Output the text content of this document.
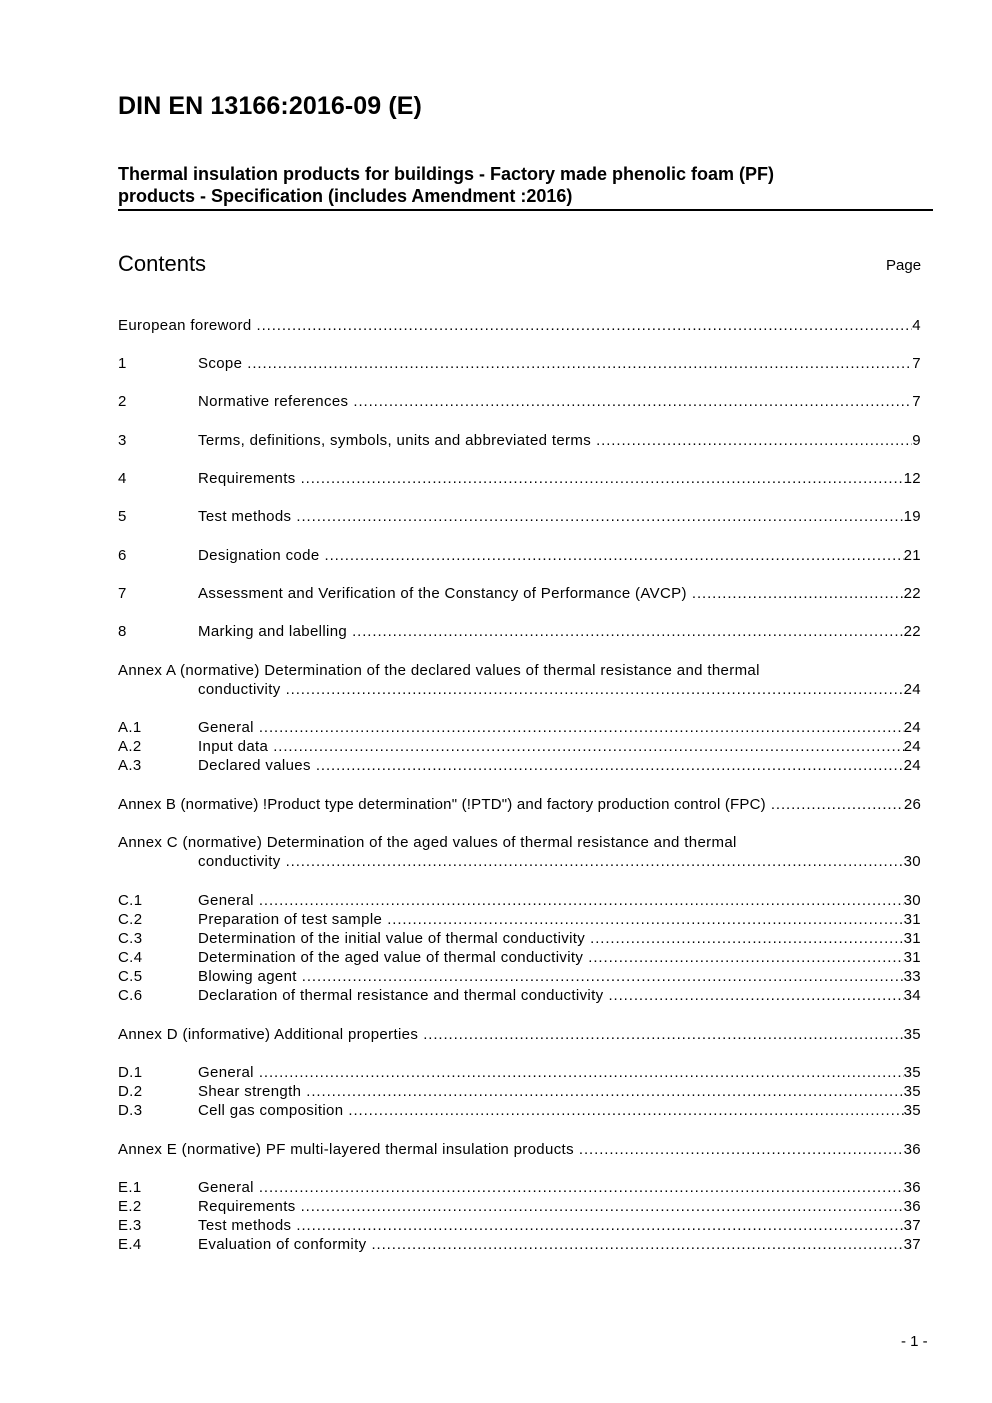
DIN EN 13166:2016-09 (E)
Thermal insulation products for buildings - Factory made phenolic foam (PF)
products - Specification (includes Amendment :2016)
Contents	Page
European foreword .....	4
1	Scope .....	7
2	Normative references .....	7
3	Terms, definitions, symbols, units and abbreviated terms .....	9
4	Requirements .....	12
5	Test methods .....	19
6	Designation code .....	21
7	Assessment and Verification of the Constancy of Performance (AVCP) .....	22
8	Marking and labelling .....	22
Annex A (normative) Determination of the declared values of thermal resistance and thermal
conductivity .....	24
A.1	General .....	24
A.2	Input data .....	24
A.3	Declared values .....	24
Annex B (normative) !Product type determination" (!PTD") and factory production control (FPC) .....	26
Annex C (normative) Determination of the aged values of thermal resistance and thermal
conductivity .....	30
C.1	General .....	30
C.2	Preparation of test sample .....	31
C.3	Determination of the initial value of thermal conductivity .....	31
C.4	Determination of the aged value of thermal conductivity .....	31
C.5	Blowing agent .....	33
C.6	Declaration of thermal resistance and thermal conductivity .....	34
Annex D (informative) Additional properties .....	35
D.1	General .....	35
D.2	Shear strength .....	35
D.3	Cell gas composition .....	35
Annex E (normative) PF multi-layered thermal insulation products .....	36
E.1	General .....	36
E.2	Requirements .....	36
E.3	Test methods .....	37
E.4	Evaluation of conformity .....	37
- 1 -
